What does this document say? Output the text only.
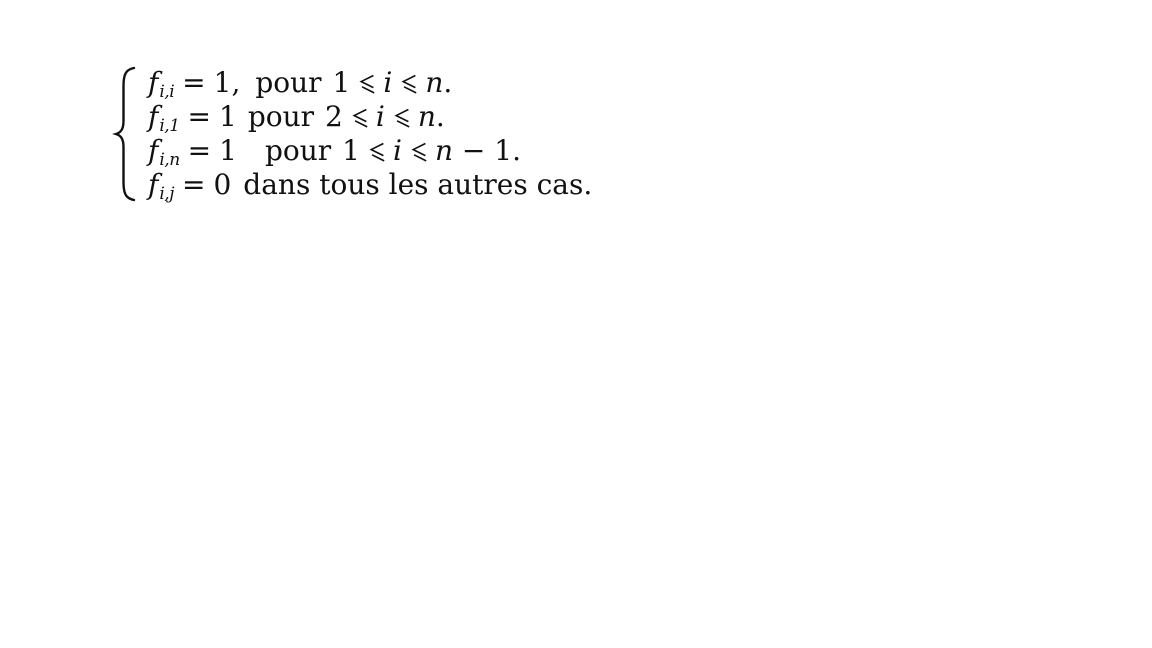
fi,i = 1, pour 1 i n.
fi,1 = 1 pour 2 i n.
fi,n = 1 pour 1 i n − 1.
fi,j = 0 dans tous les autres cas.
